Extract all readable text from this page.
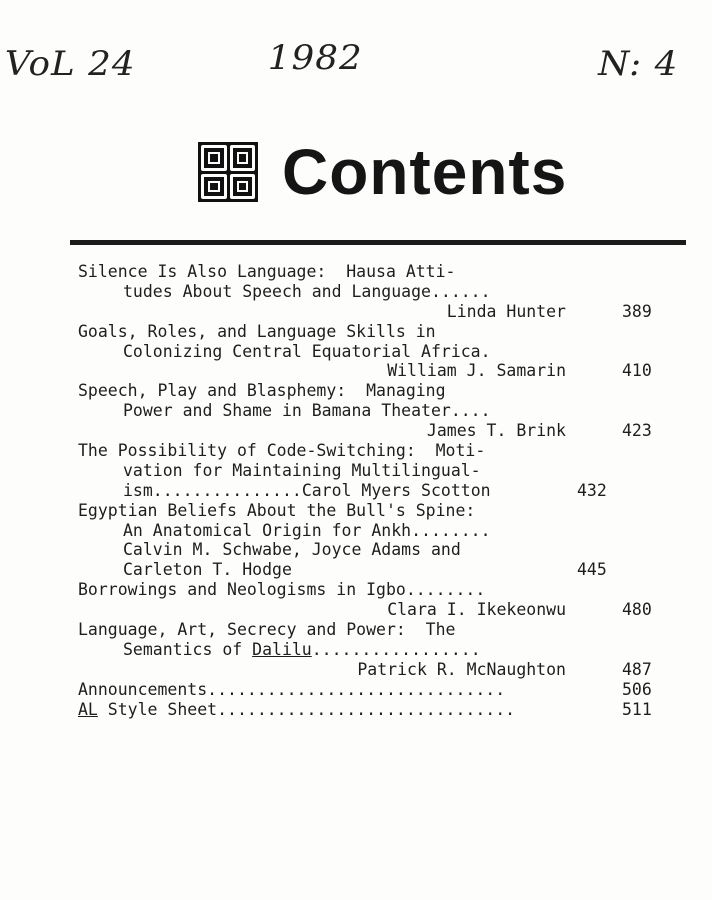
VoL 24	1982	N: 4
Contents
Silence Is Also Language:  Hausa Atti-
tudes About Speech and Language......
Linda Hunter	389
Goals, Roles, and Language Skills in
Colonizing Central Equatorial Africa.
William J. Samarin	410
Speech, Play and Blasphemy:  Managing
Power and Shame in Bamana Theater....
James T. Brink	423
The Possibility of Code-Switching:  Moti-
vation for Maintaining Multilingual-
ism...............Carol Myers Scotton	432
Egyptian Beliefs About the Bull's Spine:
An Anatomical Origin for Ankh........
Calvin M. Schwabe, Joyce Adams and
Carleton T. Hodge	445
Borrowings and Neologisms in Igbo........
Clara I. Ikekeonwu	480
Language, Art, Secrecy and Power:  The
Semantics of Dalilu.................
Patrick R. McNaughton	487
Announcements..............................	506
AL Style Sheet..............................	511
